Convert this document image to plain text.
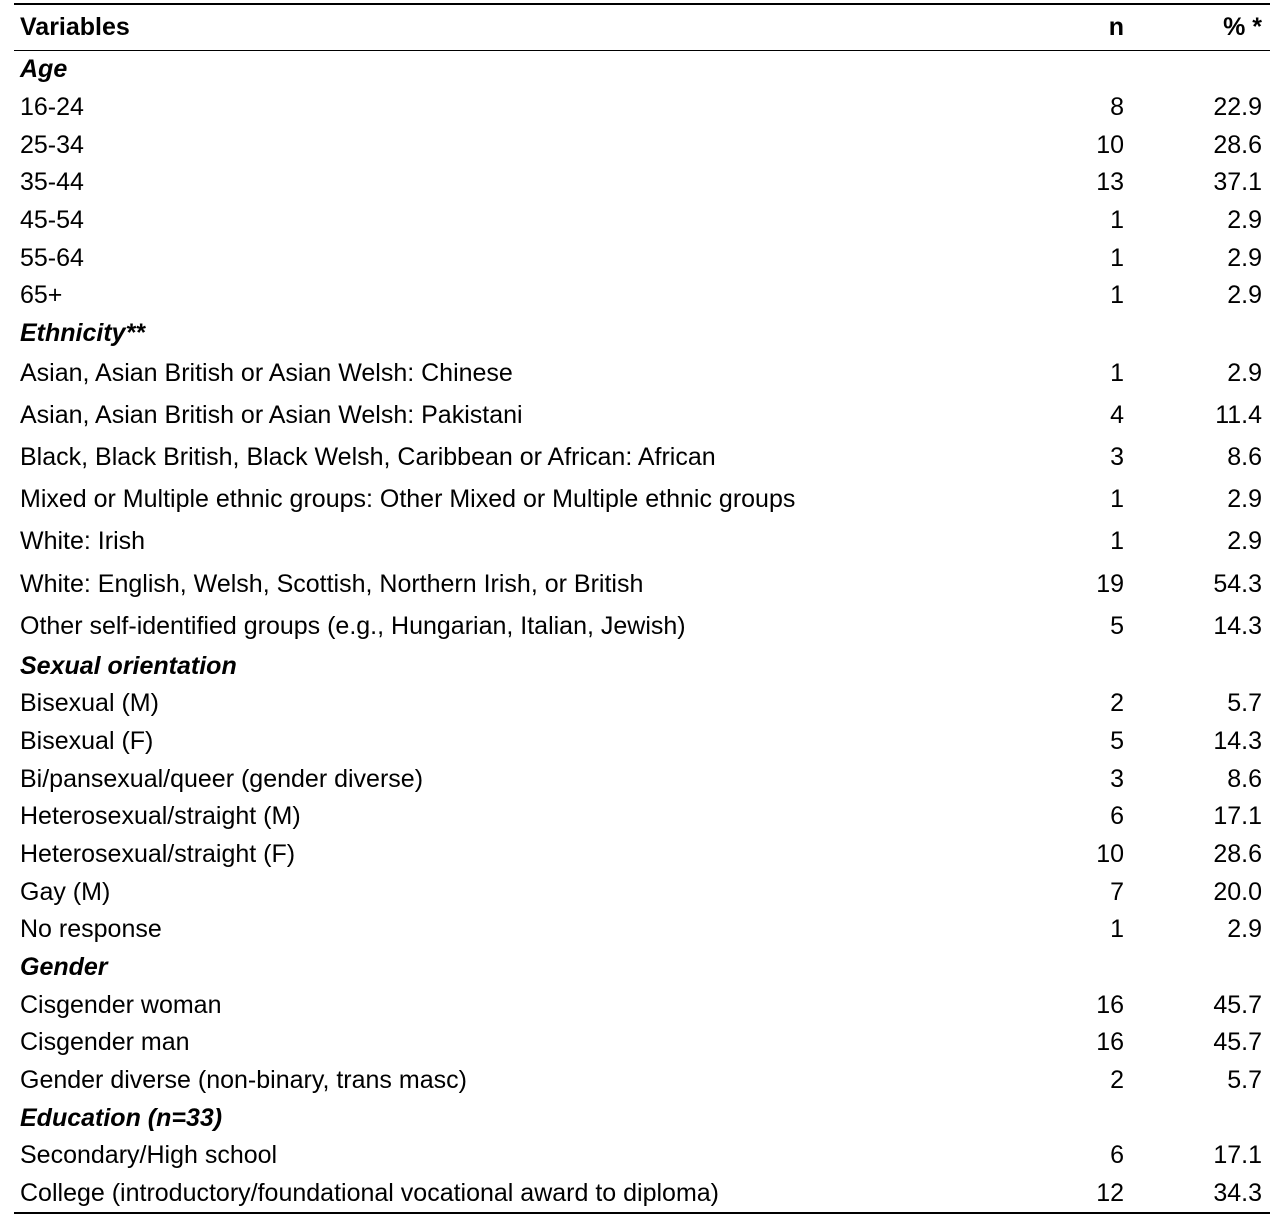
Variables	n	% *
Age
16-24	8	22.9
25-34	10	28.6
35-44	13	37.1
45-54	1	2.9
55-64	1	2.9
65+	1	2.9
Ethnicity**
Asian, Asian British or Asian Welsh: Chinese	1	2.9
Asian, Asian British or Asian Welsh: Pakistani	4	11.4
Black, Black British, Black Welsh, Caribbean or African: African	3	8.6
Mixed or Multiple ethnic groups: Other Mixed or Multiple ethnic groups	1	2.9
White: Irish	1	2.9
White: English, Welsh, Scottish, Northern Irish, or British	19	54.3
Other self-identified groups (e.g., Hungarian, Italian, Jewish)	5	14.3
Sexual orientation
Bisexual (M)	2	5.7
Bisexual (F)	5	14.3
Bi/pansexual/queer (gender diverse)	3	8.6
Heterosexual/straight (M)	6	17.1
Heterosexual/straight (F)	10	28.6
Gay (M)	7	20.0
No response	1	2.9
Gender
Cisgender woman	16	45.7
Cisgender man	16	45.7
Gender diverse (non-binary, trans masc)	2	5.7
Education (n=33)
Secondary/High school	6	17.1
College (introductory/foundational vocational award to diploma)	12	34.3
